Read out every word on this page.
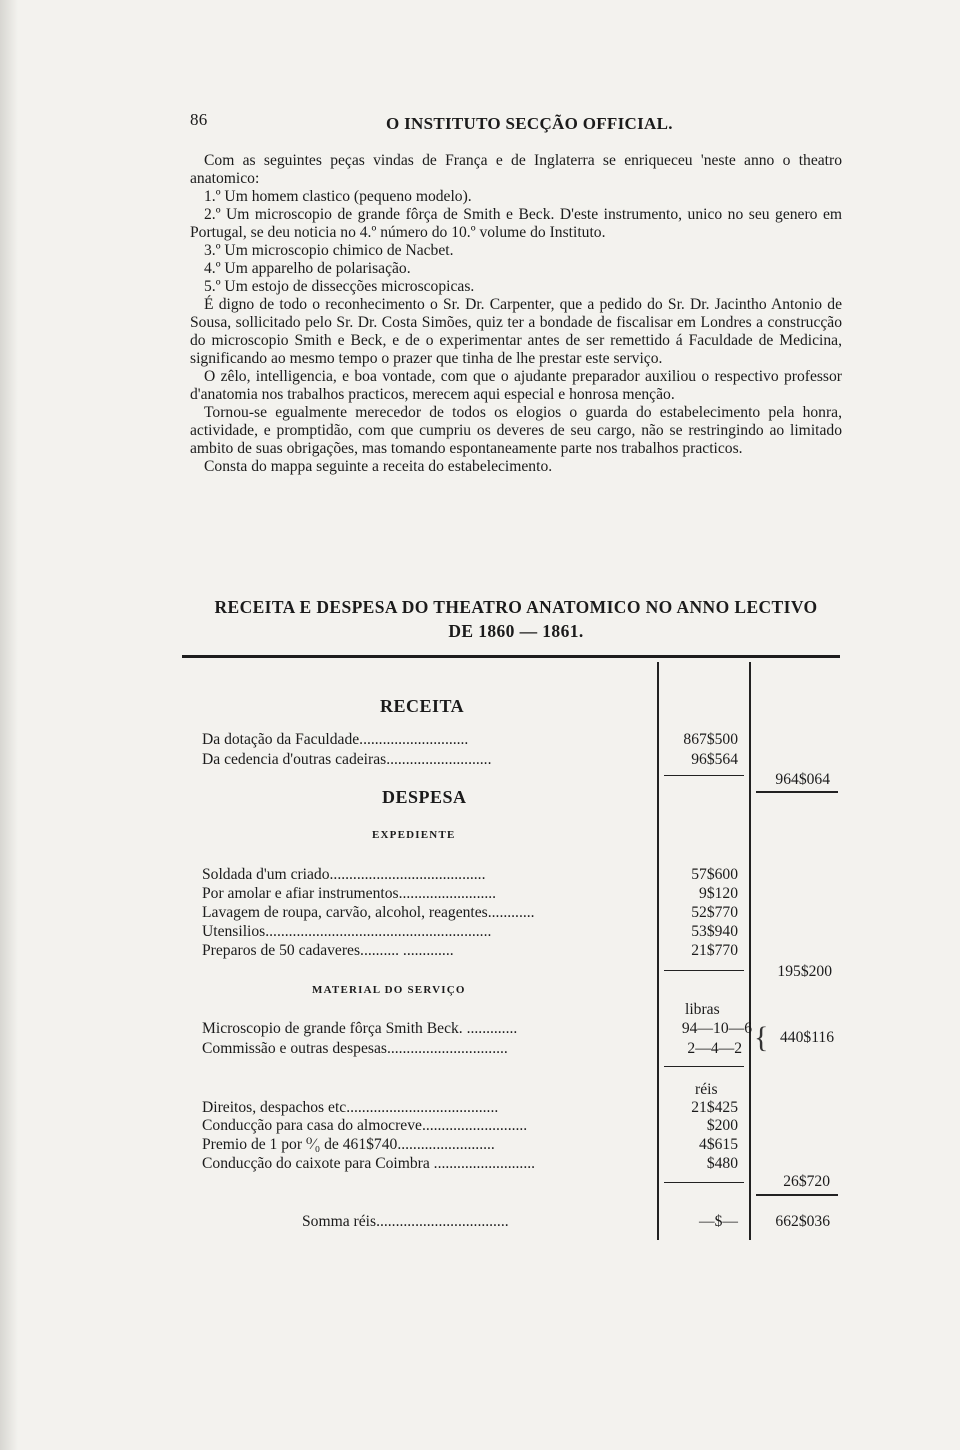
86	O INSTITUTO SECÇÃO OFFICIAL.

Com as seguintes peças vindas de França e de Inglaterra se enriqueceu 'neste anno o theatro anatomico:

1.º Um homem clastico (pequeno modelo).

2.º Um microscopio de grande fôrça de Smith e Beck. D'este instrumento, unico no seu genero em Portugal, se deu noticia no 4.º número do 10.º volume do Instituto.

3.º Um microscopio chimico de Nacbet.

4.º Um apparelho de polarisação.

5.º Um estojo de dissecções microscopicas.

É digno de todo o reconhecimento o Sr. Dr. Carpenter, que a pedido do Sr. Dr. Jacintho Antonio de Sousa, sollicitado pelo Sr. Dr. Costa Simões, quiz ter a bondade de fiscalisar em Londres a construcção do microscopio Smith e Beck, e de o experimentar antes de ser remettido á Faculdade de Medicina, significando ao mesmo tempo o prazer que tinha de lhe prestar este serviço.

O zêlo, intelligencia, e boa vontade, com que o ajudante preparador auxiliou o respectivo professor d'anatomia nos trabalhos practicos, merecem aqui especial e honrosa menção.

Tornou-se egualmente merecedor de todos os elogios o guarda do estabelecimento pela honra, actividade, e promptidão, com que cumpriu os deveres de seu cargo, não se restringindo ao limitado ambito de suas obrigações, mas tomando espontaneamente parte nos trabalhos practicos.

Consta do mappa seguinte a receita do estabelecimento.

RECEITA E DESPESA DO THEATRO ANATOMICO NO ANNO LECTIVO
DE 1860 — 1861.
RECEITA
Da dotação da Faculdade............................	867$500
Da cedencia d'outras cadeiras...........................	96$564
964$064
DESPESA
EXPEDIENTE
Soldada d'um criado........................................	57$600
Por amolar e afiar instrumentos.........................	9$120
Lavagem de roupa, carvão, alcohol, reagentes............	52$770
Utensilios..........................................................	53$940
Preparos de 50 cadaveres.......... .............	21$770
195$200
MATERIAL DO SERVIÇO
libras
Microscopio de grande fôrça Smith Beck. .............	94—10—6
Commissão e outras despesas...............................	2—4—2 { 440$116
réis
Direitos, despachos etc.......................................	21$425
Conducção para casa do almocreve...........................	$200
Premio de 1 por ⁰⁄₀ de 461$740.........................	4$615
Conducção do caixote para Coimbra ..........................	$480
26$720
Somma réis..................................	—$— 662$036
